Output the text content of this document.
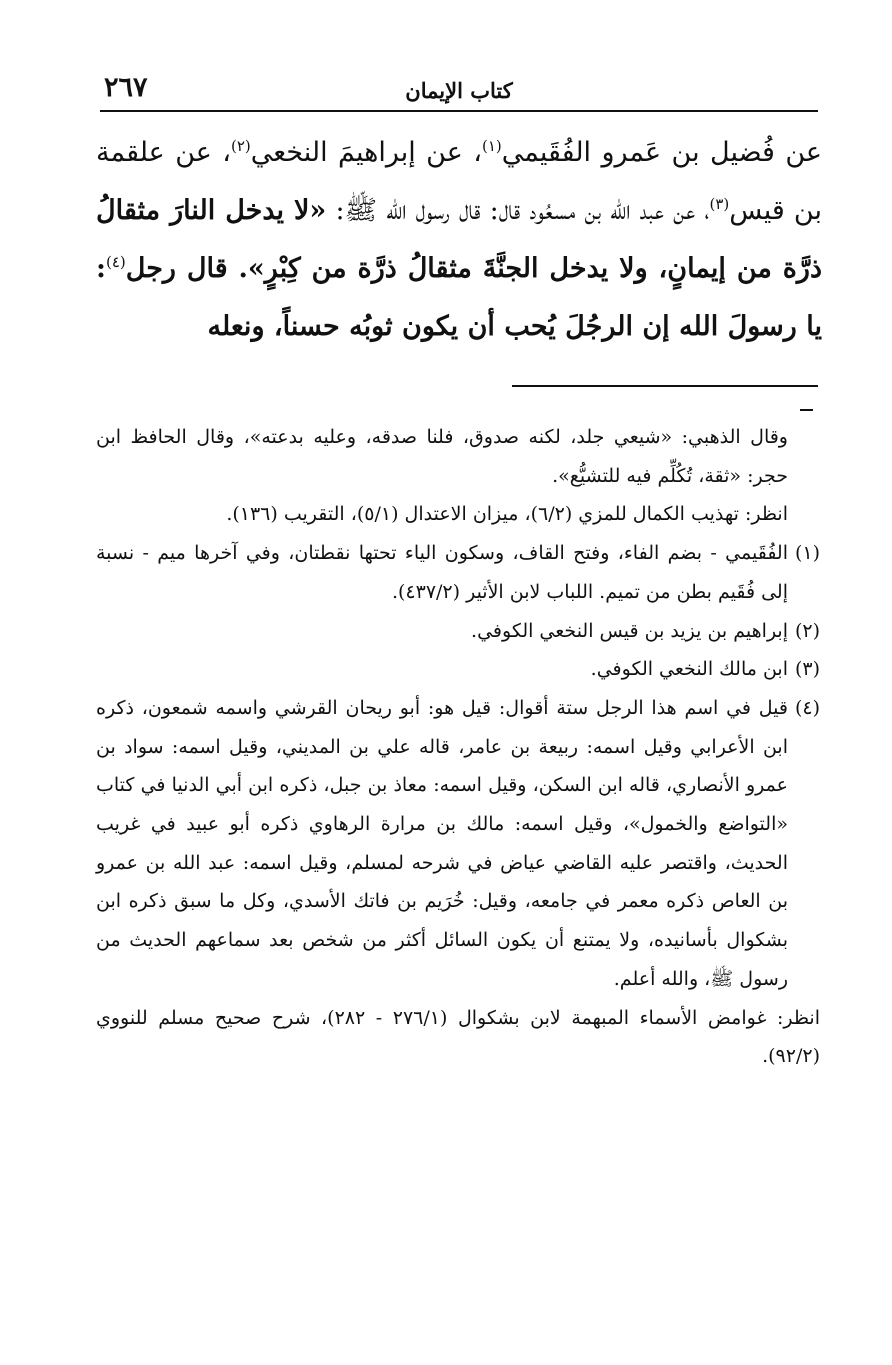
٢٦٧	كتاب الإيمان
عن فُضيل بن عَمرو الفُقَيمي$^{(١)}$، عن إبراهيمَ النخعي$^{(٢)}$، عن علقمة بن قيس$^{(٣)}$، عن عبد الله بن مسعُود قال: قال رسول الله ﷺ: «لا يدخل النارَ مثقالُ ذرَّة من إيمانٍ، ولا يدخل الجنَّةَ مثقالُ ذرَّة من كِبْرٍ». قال رجل$^{(٤)}$: يا رسولَ الله إن الرجُلَ يُحب أن يكون ثوبُه حسناً، ونعله

وقال الذهبي: «شيعي جلد، لكنه صدوق، فلنا صدقه، وعليه بدعته»، وقال الحافظ ابن حجر: «ثقة، تُكُلِّم فيه للتشيُّع».

انظر: تهذيب الكمال للمزي (٦/٢)، ميزان الاعتدال (٥/١)، التقريب (١٣٦).

(١)

الفُقَيمي - بضم الفاء، وفتح القاف، وسكون الياء تحتها نقطتان، وفي آخرها ميم - نسبة إلى فُقَيم بطن من تميم. اللباب لابن الأثير (٤٣٧/٢).

(٢)

إبراهيم بن يزيد بن قيس النخعي الكوفي.

(٣)

ابن مالك النخعي الكوفي.

(٤)

قيل في اسم هذا الرجل ستة أقوال: قيل هو: أبو ريحان القرشي واسمه شمعون، ذكره ابن الأعرابي وقيل اسمه: ربيعة بن عامر، قاله علي بن المديني، وقيل اسمه: سواد بن عمرو الأنصاري، قاله ابن السكن، وقيل اسمه: معاذ بن جبل، ذكره ابن أبي الدنيا في كتاب «التواضع والخمول»، وقيل اسمه: مالك بن مرارة الرهاوي ذكره أبو عبيد في غريب الحديث، واقتصر عليه القاضي عياض في شرحه لمسلم، وقيل اسمه: عبد الله بن عمرو بن العاص ذكره معمر في جامعه، وقيل: خُرَيم بن فاتك الأسدي، وكل ما سبق ذكره ابن بشكوال بأسانيده، ولا يمتنع أن يكون السائل أكثر من شخص بعد سماعهم الحديث من رسول ﷺ، والله أعلم.

انظر: غوامض الأسماء المبهمة لابن بشكوال (٢٧٦/١ - ٢٨٢)، شرح صحيح مسلم للنووي (٩٢/٢).
